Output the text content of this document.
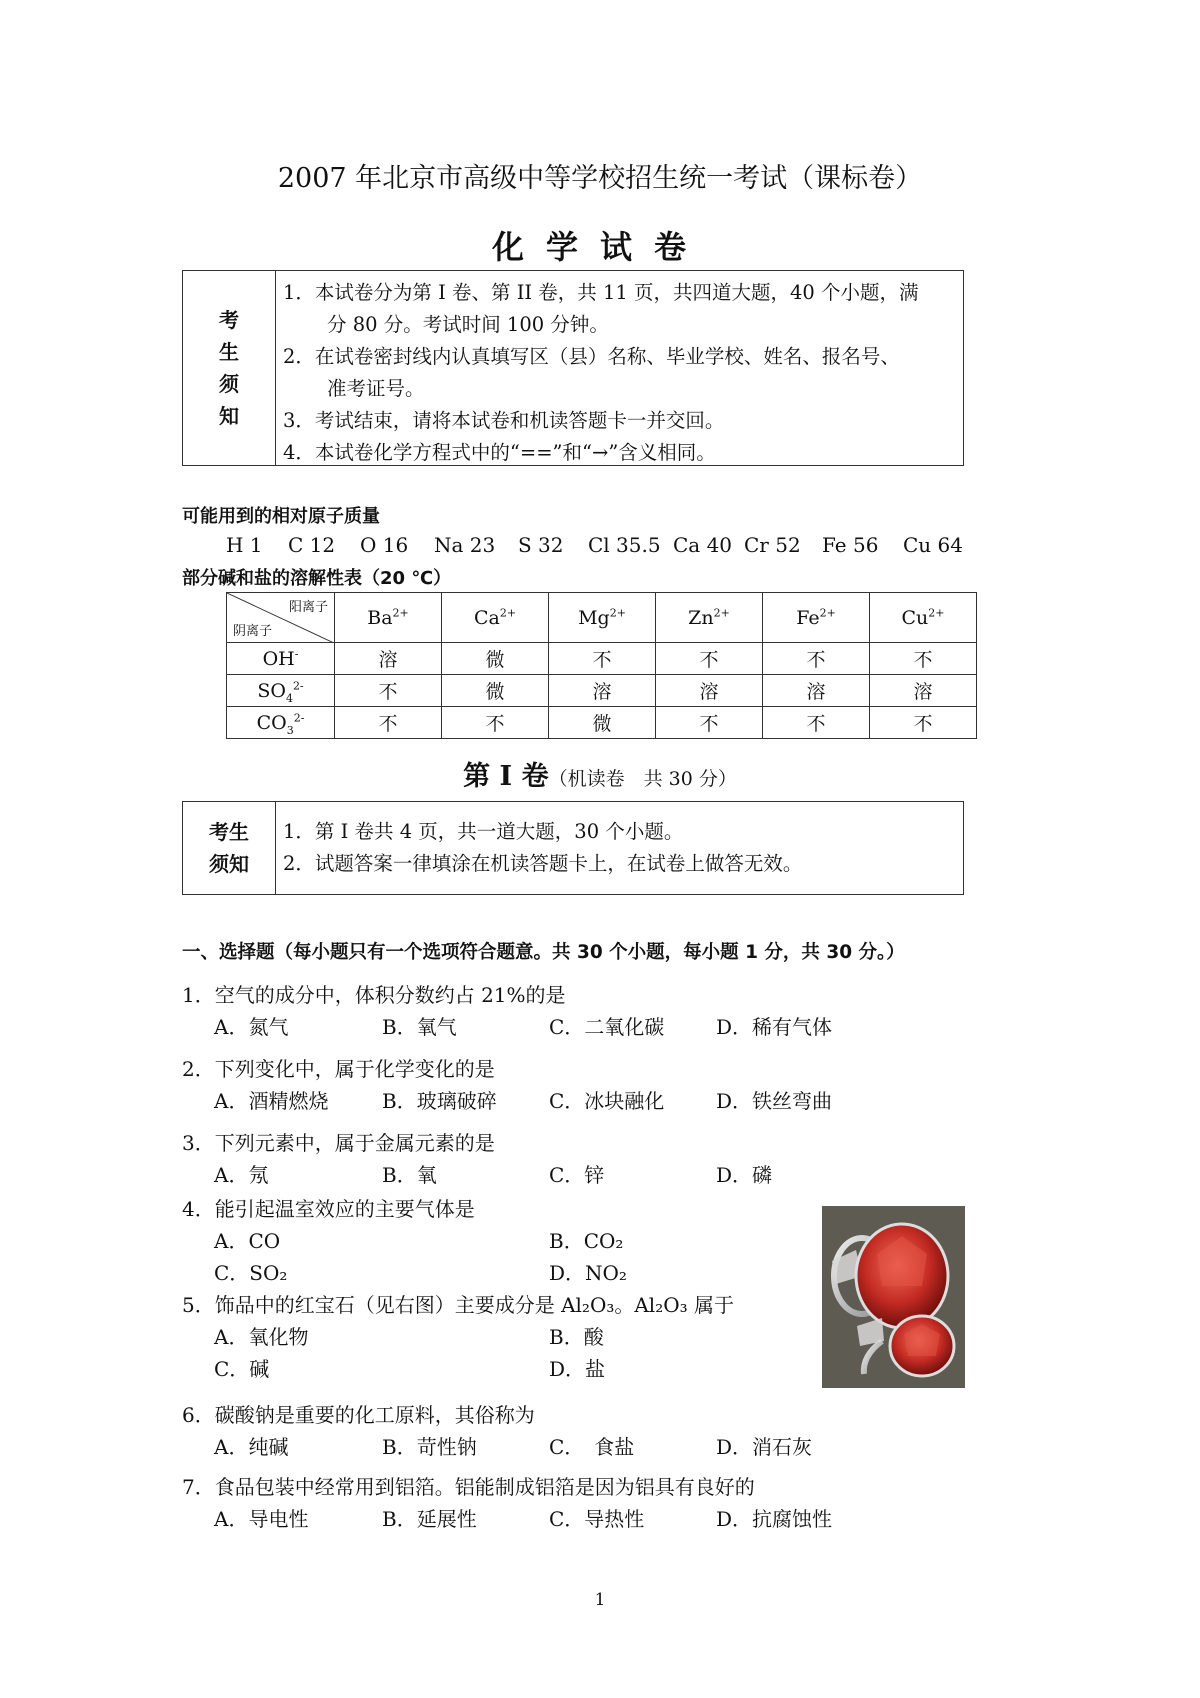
2007 年北京市高级中等学校招生统一考试（课标卷）
化学试卷
考
生
须
知
1．本试卷分为第 I 卷、第 II 卷，共 11 页，共四道大题，40 个小题，满
分 80 分。考试时间 100 分钟。
2．在试卷密封线内认真填写区（县）名称、毕业学校、姓名、报名号、
准考证号。
3．考试结束，请将本试卷和机读答题卡一并交回。
4．本试卷化学方程式中的“==”和“→”含义相同。
可能用到的相对原子质量
H 1 C 12 O 16 Na 23 S 32 Cl 35.5 Ca 40 Cr 52 Fe 56 Cu 64
部分碱和盐的溶解性表（20 ℃）
阳离子
阴离子	$Ba^{2+}$	$Ca^{2+}$	$Mg^{2+}$	$Zn^{2+}$	$Fe^{2+}$	$Cu^{2+}$
OH-	溶	微	不	不	不	不
$SO_4^{2-}$	不	微	溶	溶	溶	溶
$CO_3^{2-}$	不	不	微	不	不	不
第 I 卷（机读卷　共 30 分）
考生
须知
1．第 I 卷共 4 页，共一道大题，30 个小题。
2．试题答案一律填涂在机读答题卡上，在试卷上做答无效。
一、选择题（每小题只有一个选项符合题意。共 30 个小题，每小题 1 分，共 30 分。）
1．空气的成分中，体积分数约占 21%的是
A．氮气	B．氧气	C．二氧化碳	D．稀有气体
2．下列变化中，属于化学变化的是
A．酒精燃烧	B．玻璃破碎	C．冰块融化	D．铁丝弯曲
3．下列元素中，属于金属元素的是
A．氖	B．氧	C．锌	D．磷
4．能引起温室效应的主要气体是
A．CO	B．CO₂
C．SO₂	D．NO₂
5．饰品中的红宝石（见右图）主要成分是 Al₂O₃。Al₂O₃ 属于
A．氧化物	B．酸
C．碱	D．盐
6．碳酸钠是重要的化工原料，其俗称为
A．纯碱	B．苛性钠	C．　食盐	D．消石灰
7．食品包装中经常用到铝箔。铝能制成铝箔是因为铝具有良好的
A．导电性	B．延展性	C．导热性	D．抗腐蚀性
1
